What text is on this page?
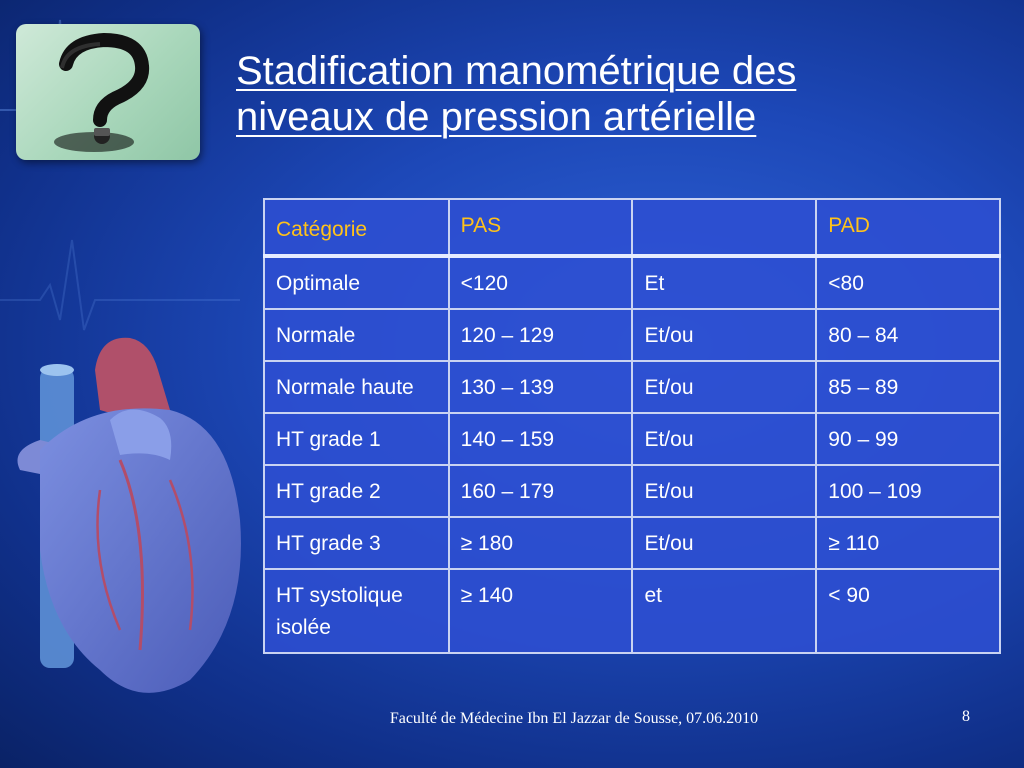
Stadification manométrique des niveaux de pression artérielle
Catégorie	PAS		PAD
Optimale	<120	Et	<80
Normale	120 – 129	Et/ou	80 – 84
Normale haute	130 – 139	Et/ou	85 – 89
HT grade 1	140 – 159	Et/ou	90 – 99
HT grade 2	160 – 179	Et/ou	100 – 109
HT grade 3	≥ 180	Et/ou	≥ 110
HT systolique isolée	≥ 140	et	< 90
Faculté de Médecine Ibn El Jazzar de Sousse, 07.06.2010	8
